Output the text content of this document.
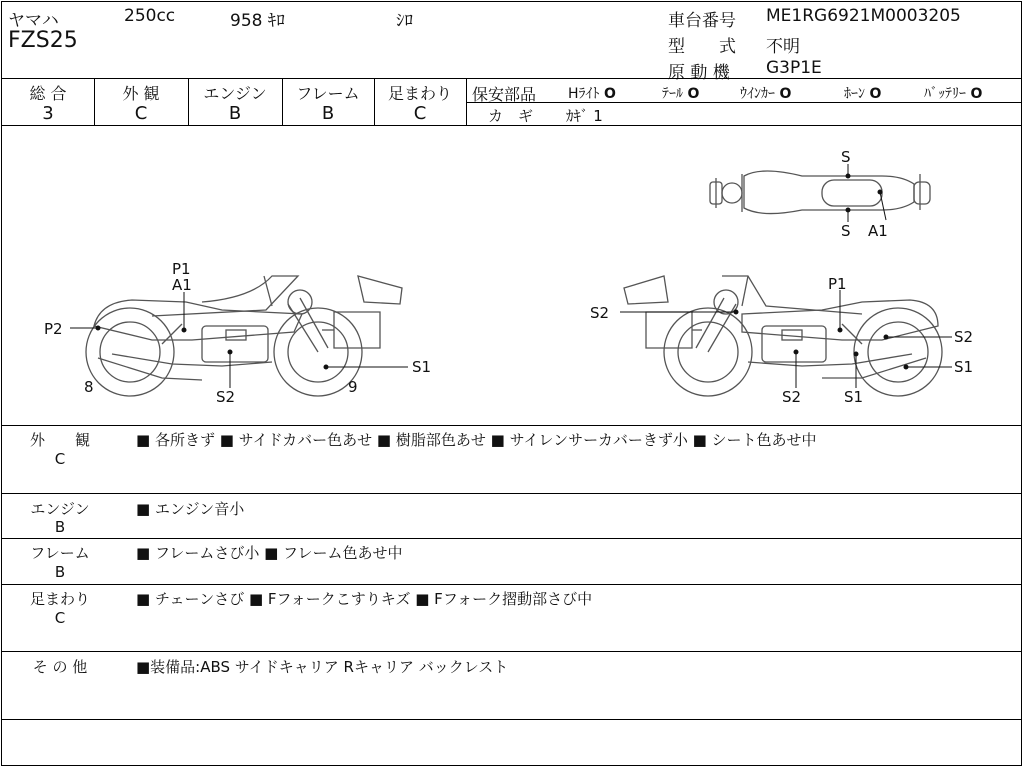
ヤマハ	250cc	958 ｷﾛ	ｼﾛ
FZS25
車台番号 ME1RG6921M0003205
型　　式 不明
原 動 機 G3P1E
総 合
3
外 観
C
エンジン
B
フレーム
B
足まわり
C
保安部品 Hﾗｲﾄ O	ﾃｰﾙ O	ｳｲﾝｶｰ O	ﾎｰﾝ O	ﾊﾞｯﾃﾘｰ O
カ　ギ ｶｷﾞ 1
S
S A1
P1
A1
P2
8
S2
9
S1
P1
S2
S2
S1
S2	S1
外　　観
C
■ 各所きず ■ サイドカバー色あせ ■ 樹脂部色あせ ■ サイレンサーカバーきず小 ■ シート色あせ中
エンジン
B
■ エンジン音小
フレーム
B
■ フレームさび小 ■ フレーム色あせ中
足まわり
C
■ チェーンさび ■ Fフォークこすりキズ ■ Fフォーク摺動部さび中
そ の 他	■装備品:ABS サイドキャリア Rキャリア バックレスト
